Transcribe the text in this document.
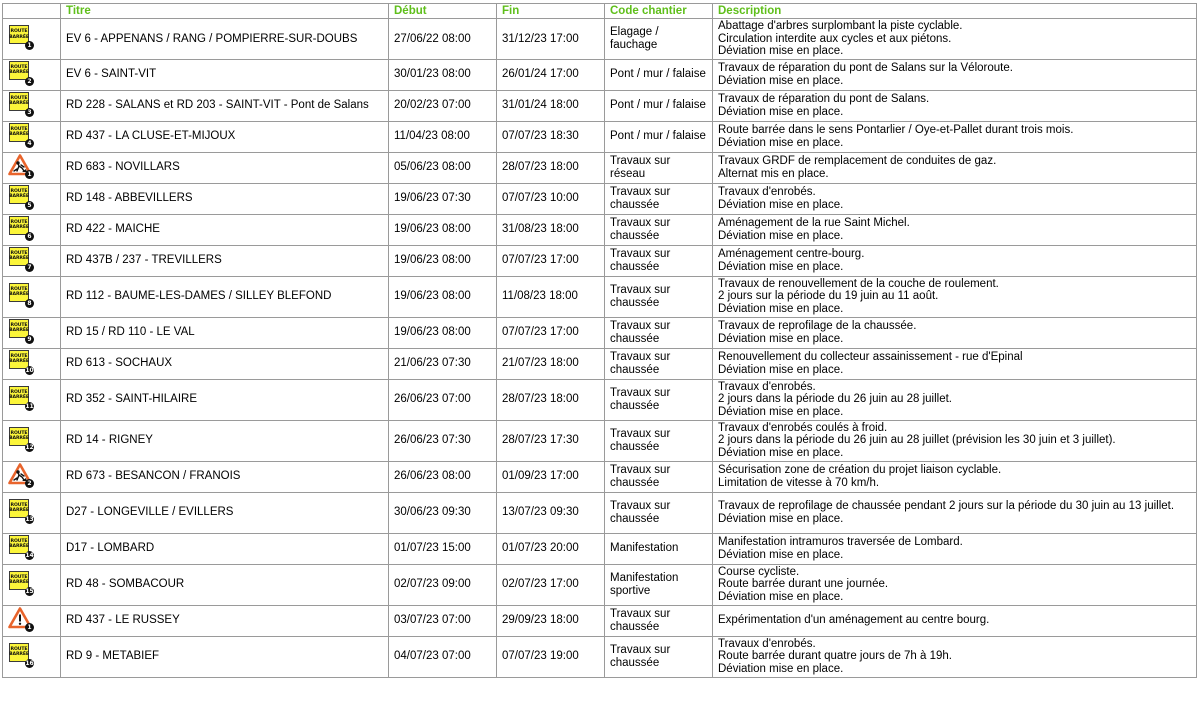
	Titre	Début	Fin	Code chantier	Description

ROUTE
BARRÉE
1	EV 6 - APPENANS / RANG / POMPIERRE-SUR-DOUBS	27/06/22 08:00	31/12/23 17:00	Elagage / fauchage	Abattage d'arbres surplombant la piste cyclable.
Circulation interdite aux cycles et aux piétons.
Déviation mise en place.

ROUTE
BARRÉE
2	EV 6 - SAINT-VIT	30/01/23 08:00	26/01/24 17:00	Pont / mur / falaise	Travaux de réparation du pont de Salans sur la Véloroute.
Déviation mise en place.

ROUTE
BARRÉE
3	RD 228 - SALANS et RD 203 - SAINT-VIT - Pont de Salans	20/02/23 07:00	31/01/24 18:00	Pont / mur / falaise	Travaux de réparation du pont de Salans.
Déviation mise en place.

ROUTE
BARRÉE
4	RD 437 - LA CLUSE-ET-MIJOUX	11/04/23 08:00	07/07/23 18:30	Pont / mur / falaise	Route barrée dans le sens Pontarlier / Oye-et-Pallet durant trois mois.
Déviation mise en place.

1	RD 683 - NOVILLARS	05/06/23 08:00	28/07/23 18:00	Travaux sur réseau	Travaux GRDF de remplacement de conduites de gaz.
Alternat mis en place.

ROUTE
BARRÉE
5	RD 148 - ABBEVILLERS	19/06/23 07:30	07/07/23 10:00	Travaux sur chaussée	Travaux d'enrobés.
Déviation mise en place.

ROUTE
BARRÉE
6	RD 422 - MAICHE	19/06/23 08:00	31/08/23 18:00	Travaux sur chaussée	Aménagement de la rue Saint Michel.
Déviation mise en place.

ROUTE
BARRÉE
7	RD 437B / 237 - TREVILLERS	19/06/23 08:00	07/07/23 17:00	Travaux sur chaussée	Aménagement centre-bourg.
Déviation mise en place.

ROUTE
BARRÉE
8	RD 112 - BAUME-LES-DAMES / SILLEY BLEFOND	19/06/23 08:00	11/08/23 18:00	Travaux sur chaussée	Travaux de renouvellement de la couche de roulement.
2 jours sur la période du 19 juin au 11 août.
Déviation mise en place.

ROUTE
BARRÉE
9	RD 15 / RD 110 - LE VAL	19/06/23 08:00	07/07/23 17:00	Travaux sur chaussée	Travaux de reprofilage de la chaussée.
Déviation mise en place.

ROUTE
BARRÉE
10	RD 613 - SOCHAUX	21/06/23 07:30	21/07/23 18:00	Travaux sur chaussée	Renouvellement du collecteur assainissement - rue d'Epinal
Déviation mise en place.

ROUTE
BARRÉE
11	RD 352 - SAINT-HILAIRE	26/06/23 07:00	28/07/23 18:00	Travaux sur chaussée	Travaux d'enrobés.
2 jours dans la période du 26 juin au 28 juillet.
Déviation mise en place.

ROUTE
BARRÉE
12	RD 14 - RIGNEY	26/06/23 07:30	28/07/23 17:30	Travaux sur chaussée	Travaux d'enrobés coulés à froid.
2 jours dans la période du 26 juin au 28 juillet (prévision les 30 juin et 3 juillet).
Déviation mise en place.

2	RD 673 - BESANCON / FRANOIS	26/06/23 08:00	01/09/23 17:00	Travaux sur chaussée	Sécurisation zone de création du projet liaison cyclable.
Limitation de vitesse à 70 km/h.

ROUTE
BARRÉE
13	D27 - LONGEVILLE / EVILLERS	30/06/23 09:30	13/07/23 09:30	Travaux sur chaussée	Travaux de reprofilage de chaussée pendant 2 jours sur la période du 30 juin au 13 juillet.
Déviation mise en place.

ROUTE
BARRÉE
14	D17 - LOMBARD	01/07/23 15:00	01/07/23 20:00	Manifestation	Manifestation intramuros traversée de Lombard.
Déviation mise en place.

ROUTE
BARRÉE
15	RD 48 - SOMBACOUR	02/07/23 09:00	02/07/23 17:00	Manifestation sportive	Course cycliste.
Route barrée durant une journée.
Déviation mise en place.

1	RD 437 - LE RUSSEY	03/07/23 07:00	29/09/23 18:00	Travaux sur chaussée	Expérimentation d'un aménagement au centre bourg.

ROUTE
BARRÉE
16	RD 9 - METABIEF	04/07/23 07:00	07/07/23 19:00	Travaux sur chaussée	Travaux d'enrobés.
Route barrée durant quatre jours de 7h à 19h.
Déviation mise en place.
